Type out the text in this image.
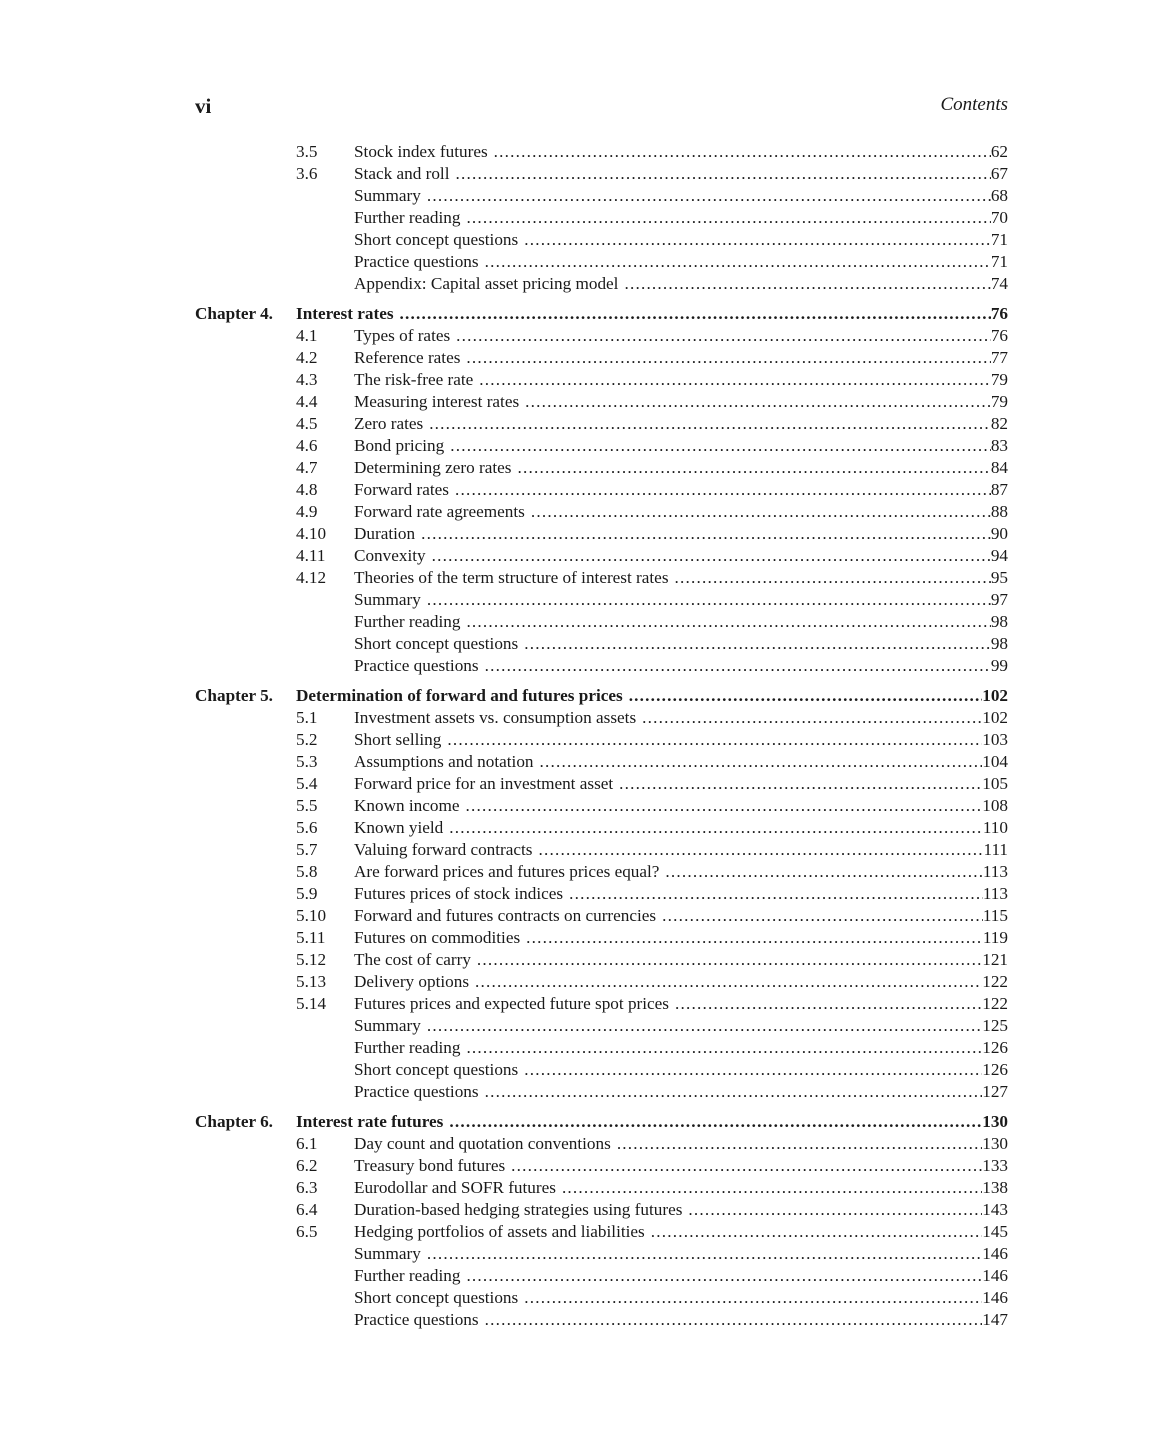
vi	Contents
3.5 Stock index futures .....	62
3.6 Stack and roll .....	67
Summary .....	68
Further reading .....	70
Short concept questions .....	71
Practice questions .....	71
Appendix: Capital asset pricing model .....	74
Chapter 4. Interest rates .....	76
4.1 Types of rates .....	76
4.2 Reference rates .....	77
4.3 The risk-free rate .....	79
4.4 Measuring interest rates .....	79
4.5 Zero rates .....	82
4.6 Bond pricing .....	83
4.7 Determining zero rates .....	84
4.8 Forward rates .....	87
4.9 Forward rate agreements .....	88
4.10 Duration .....	90
4.11 Convexity .....	94
4.12 Theories of the term structure of interest rates .....	95
Summary .....	97
Further reading .....	98
Short concept questions .....	98
Practice questions .....	99
Chapter 5. Determination of forward and futures prices .....	102
5.1 Investment assets vs. consumption assets .....	102
5.2 Short selling .....	103
5.3 Assumptions and notation .....	104
5.4 Forward price for an investment asset .....	105
5.5 Known income .....	108
5.6 Known yield .....	110
5.7 Valuing forward contracts .....	111
5.8 Are forward prices and futures prices equal? .....	113
5.9 Futures prices of stock indices .....	113
5.10 Forward and futures contracts on currencies .....	115
5.11 Futures on commodities .....	119
5.12 The cost of carry .....	121
5.13 Delivery options .....	122
5.14 Futures prices and expected future spot prices .....	122
Summary .....	125
Further reading .....	126
Short concept questions .....	126
Practice questions .....	127
Chapter 6. Interest rate futures .....	130
6.1 Day count and quotation conventions .....	130
6.2 Treasury bond futures .....	133
6.3 Eurodollar and SOFR futures .....	138
6.4 Duration-based hedging strategies using futures .....	143
6.5 Hedging portfolios of assets and liabilities .....	145
Summary .....	146
Further reading .....	146
Short concept questions .....	146
Practice questions .....	147
